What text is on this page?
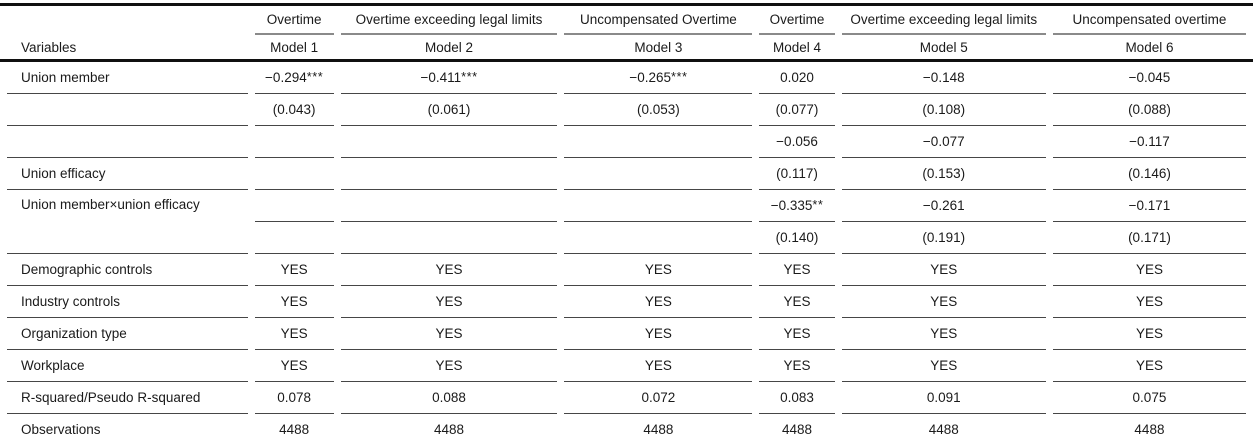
	Overtime	Overtime exceeding legal limits	Uncompensated Overtime	Overtime	Overtime exceeding legal limits	Uncompensated overtime
Variables	Model 1	Model 2	Model 3	Model 4	Model 5	Model 6
Union member	−0.294***	−0.411***	−0.265***	0.020	−0.148	−0.045
	(0.043)	(0.061)	(0.053)	(0.077)	(0.108)	(0.088)
				−0.056	−0.077	−0.117
Union efficacy				(0.117)	(0.153)	(0.146)
Union member×union efficacy				−0.335**	−0.261	−0.171
				(0.140)	(0.191)	(0.171)
Demographic controls	YES	YES	YES	YES	YES	YES
Industry controls	YES	YES	YES	YES	YES	YES
Organization type	YES	YES	YES	YES	YES	YES
Workplace	YES	YES	YES	YES	YES	YES
R-squared/Pseudo R-squared	0.078	0.088	0.072	0.083	0.091	0.075
Observations	4488	4488	4488	4488	4488	4488
